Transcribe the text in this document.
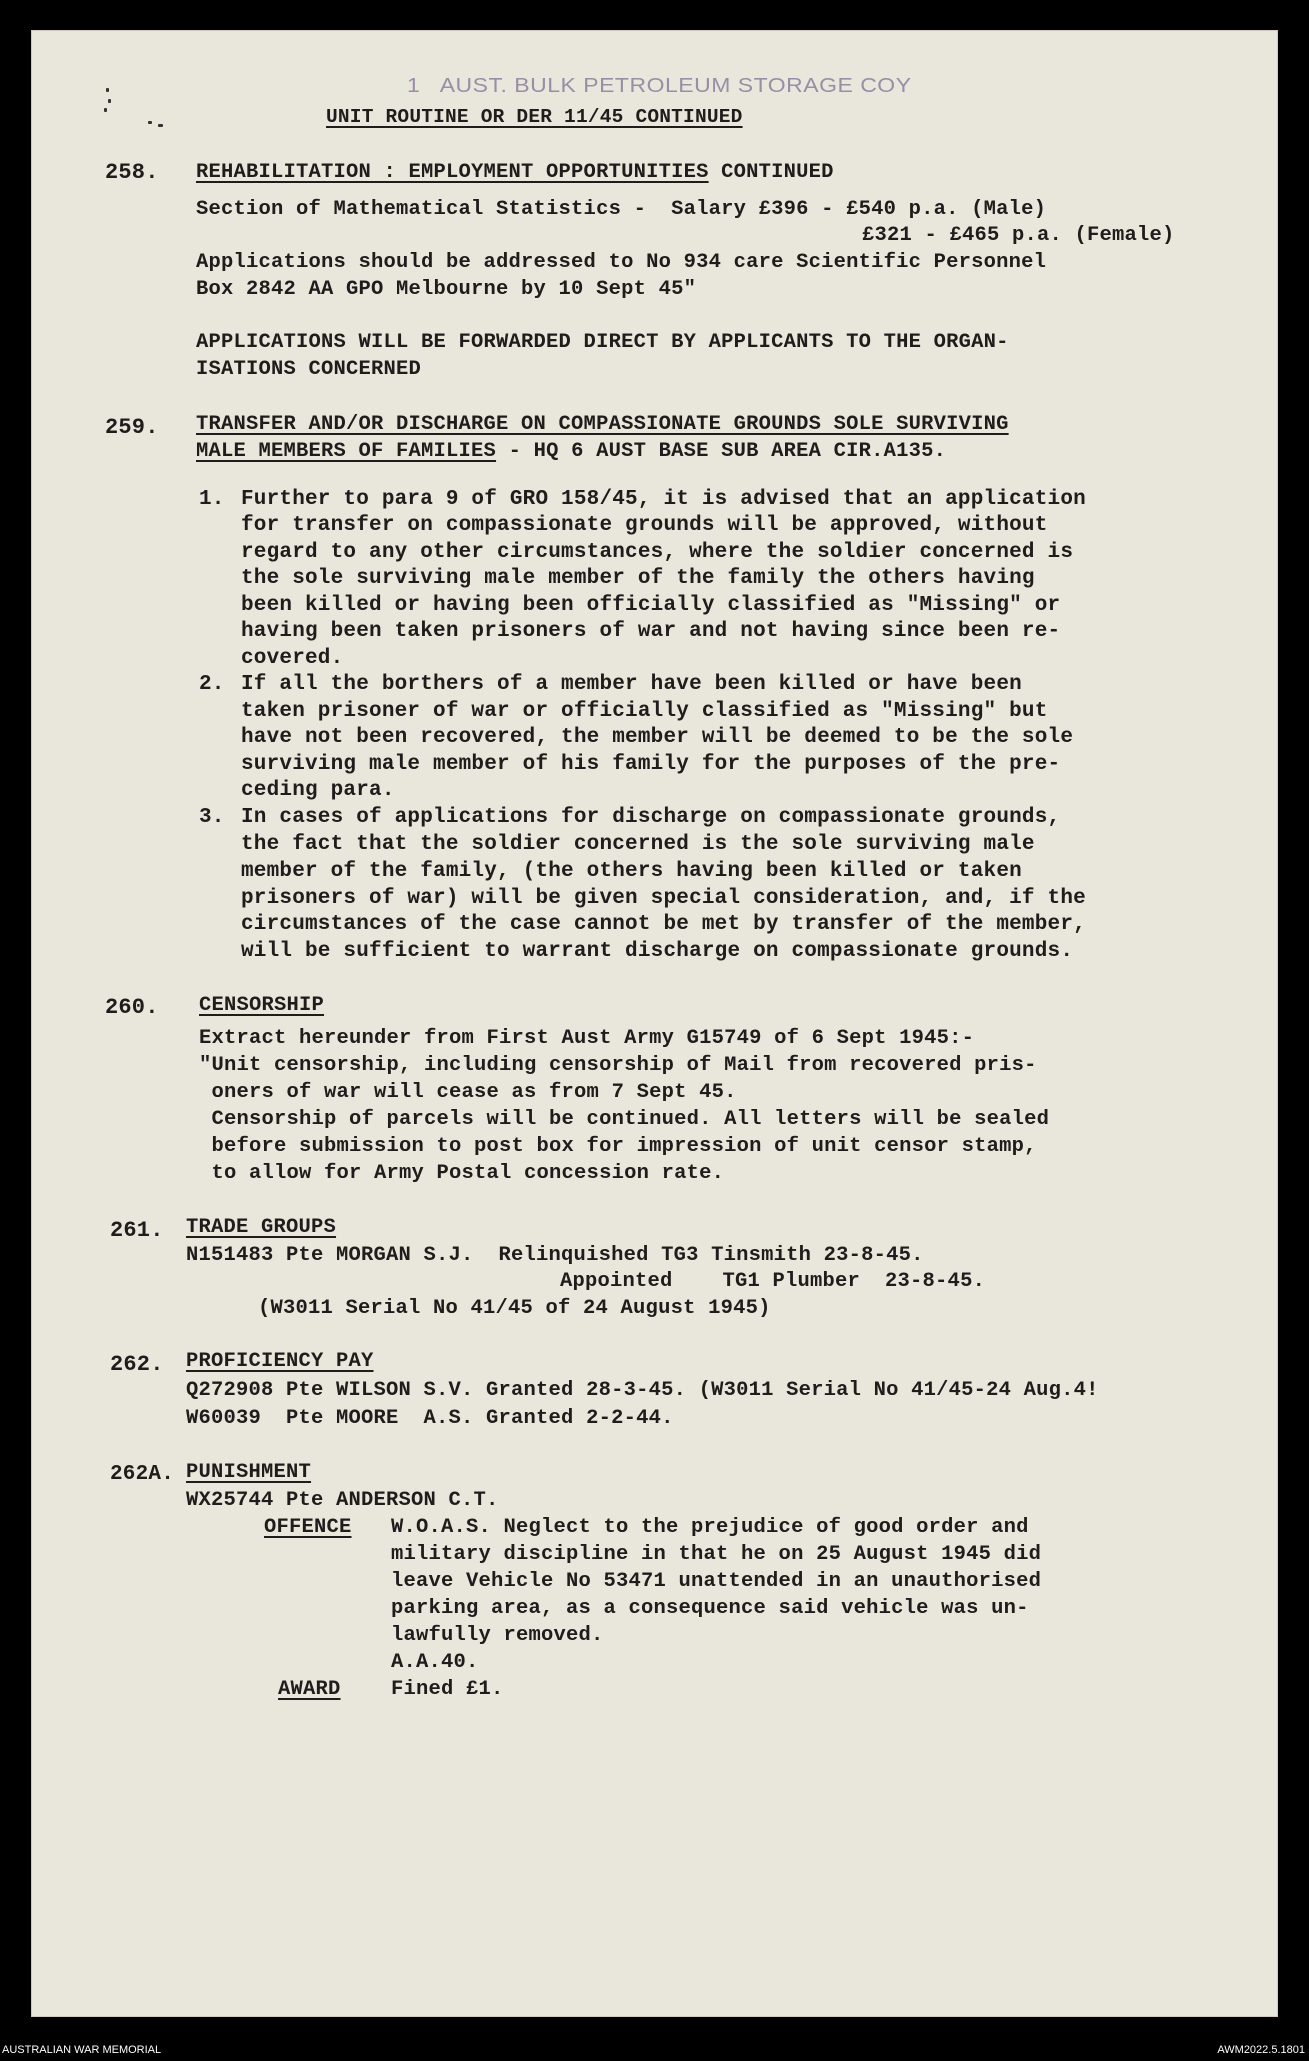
1   AUST. BULK PETROLEUM STORAGE COY

UNIT ROUTINE OR DER 11/45 CONTINUED

258. REHABILITATION : EMPLOYMENT OPPORTUNITIES CONTINUED

Section of Mathematical Statistics -  Salary £396 - £540 p.a. (Male)

£321 - £465 p.a. (Female)

Applications should be addressed to No 934 care Scientific Personnel

Box 2842 AA GPO Melbourne by 10 Sept 45"

APPLICATIONS WILL BE FORWARDED DIRECT BY APPLICANTS TO THE ORGAN-

ISATIONS CONCERNED

259. TRANSFER AND/OR DISCHARGE ON COMPASSIONATE GROUNDS SOLE SURVIVING

MALE MEMBERS OF FAMILIES - HQ 6 AUST BASE SUB AREA CIR.A135.

1. Further to para 9 of GRO 158/45, it is advised that an application

for transfer on compassionate grounds will be approved, without

regard to any other circumstances, where the soldier concerned is

the sole surviving male member of the family the others having

been killed or having been officially classified as "Missing" or

having been taken prisoners of war and not having since been re-

covered.

2. If all the borthers of a member have been killed or have been

taken prisoner of war or officially classified as "Missing" but

have not been recovered, the member will be deemed to be the sole

surviving male member of his family for the purposes of the pre-

ceding para.

3. In cases of applications for discharge on compassionate grounds,

the fact that the soldier concerned is the sole surviving male

member of the family, (the others having been killed or taken

prisoners of war) will be given special consideration, and, if the

circumstances of the case cannot be met by transfer of the member,

will be sufficient to warrant discharge on compassionate grounds.

260. CENSORSHIP

Extract hereunder from First Aust Army G15749 of 6 Sept 1945:-

"Unit censorship, including censorship of Mail from recovered pris-

oners of war will cease as from 7 Sept 45.

Censorship of parcels will be continued. All letters will be sealed

before submission to post box for impression of unit censor stamp,

to allow for Army Postal concession rate.

261. TRADE GROUPS

N151483 Pte MORGAN S.J.  Relinquished TG3 Tinsmith 23-8-45.

Appointed    TG1 Plumber  23-8-45.

(W3011 Serial No 41/45 of 24 August 1945)

262. PROFICIENCY PAY

Q272908 Pte WILSON S.V. Granted 28-3-45. (W3011 Serial No 41/45-24 Aug.4!

W60039  Pte MOORE  A.S. Granted 2-2-44.

262A. PUNISHMENT

WX25744 Pte ANDERSON C.T.

OFFENCE W.O.A.S. Neglect to the prejudice of good order and

military discipline in that he on 25 August 1945 did

leave Vehicle No 53471 unattended in an unauthorised

parking area, as a consequence said vehicle was un-

lawfully removed.

A.A.40.

AWARD Fined £1.

AUSTRALIAN WAR MEMORIAL	AWM2022.5.1801
